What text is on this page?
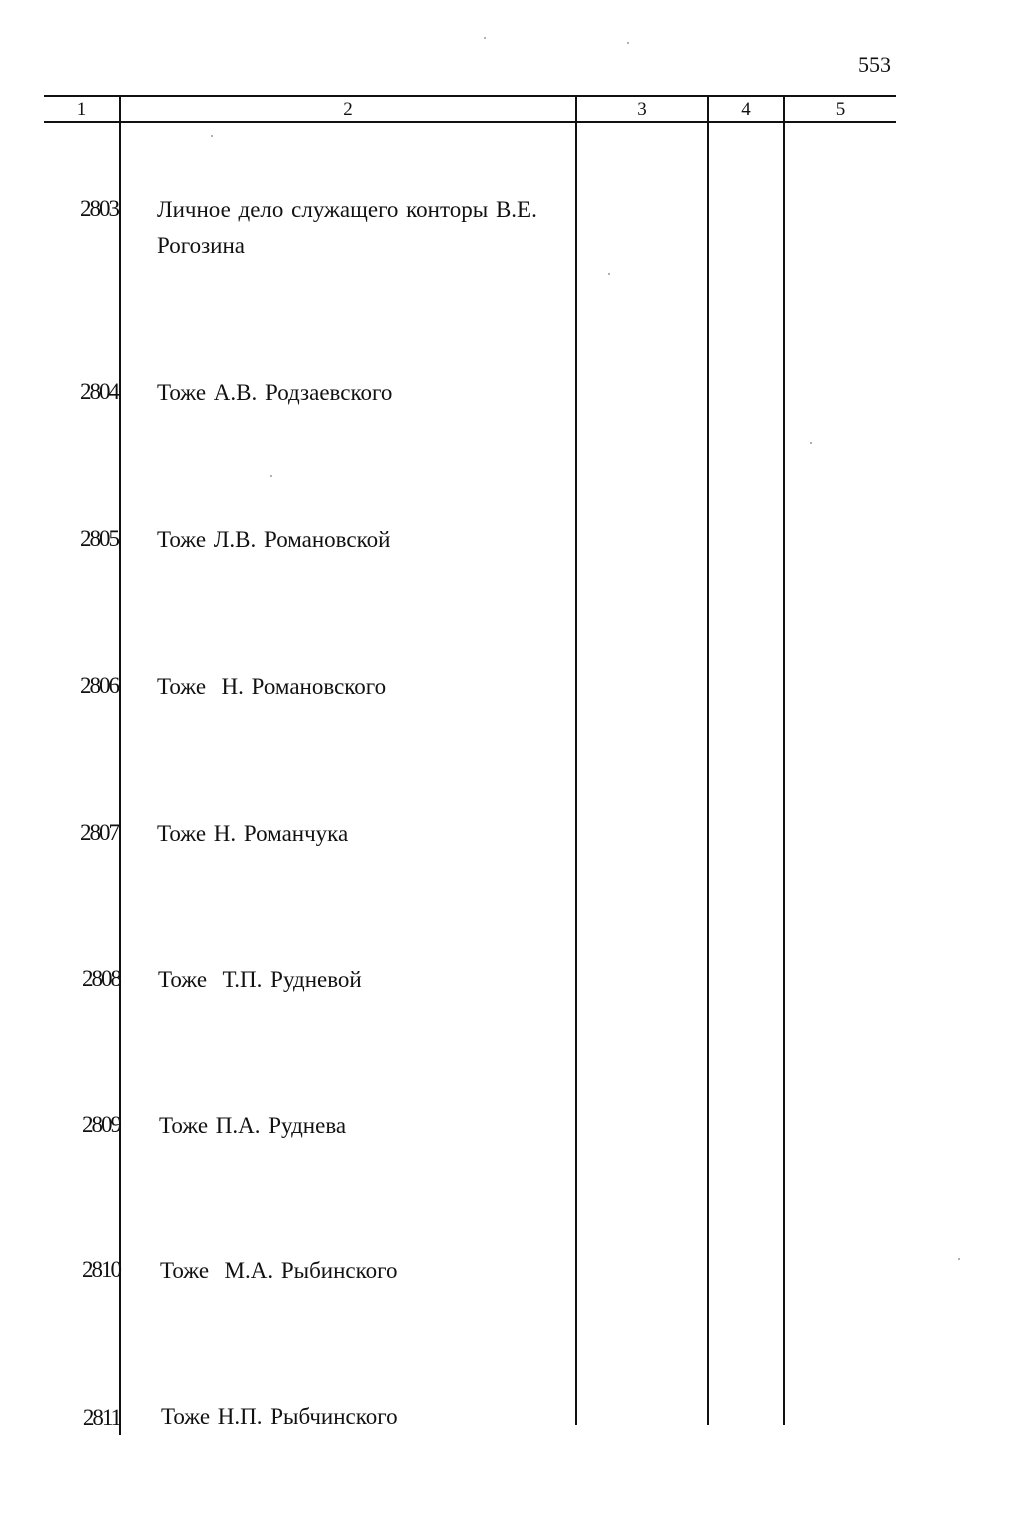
553
1	2	3	4	5
2803 Личное дело служащего конторы В.Е. Рогозина
2804 Тоже А.В. Родзаевского
2805 Тоже Л.В. Романовской
2806 Тоже  Н. Романовского
2807 Тоже Н. Романчука
2808 Тоже  Т.П. Рудневой
2809 Тоже П.А. Руднева
2810 Тоже  М.А. Рыбинского
2811 Тоже Н.П. Рыбчинского
